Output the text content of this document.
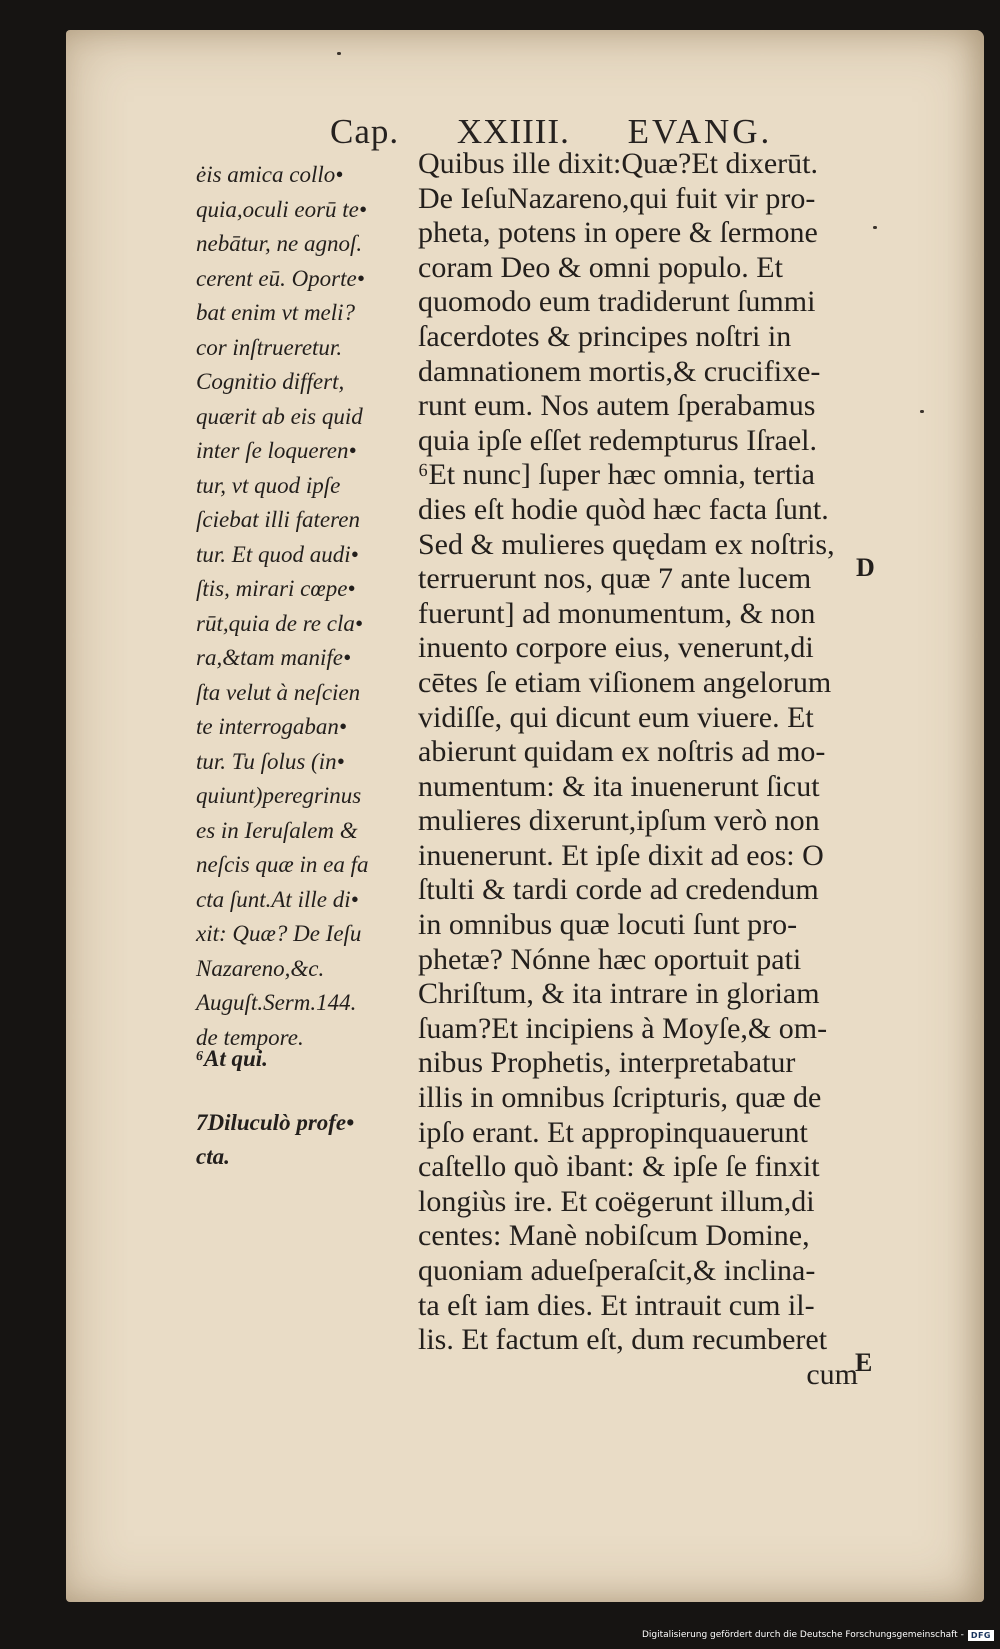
Cap. XXIIII. EVANG.
ėis amica collo•
quia,oculi eorū te•
nebātur, ne agnoſ.
cerent eū. Oporte•
bat enim vt meli?
cor inſtrueretur.
Cognitio differt,
quærit ab eis quid
inter ſe loqueren•
tur, vt quod ipſe
ſciebat illi fateren
tur. Et quod audi•
ſtis, mirari cœpe•
rūt,quia de re cla•
ra,&tam manife•
ſta velut à neſcien
te interrogaban•
tur. Tu ſolus (in•
quiunt)peregrinus
es in Ieruſalem &
neſcis quæ in ea fa
cta ſunt.At ille di•
xit: Quæ? De Ieſu
Nazareno,&c.
Auguſt.Serm.144.
de tempore.
⁶At qui.
7Diluculò profe•
cta.
Quibus ille dixit:Quæ?Et dixerūt.
De IeſuNazareno,qui fuit vir pro-
pheta, potens in opere & ſermone
coram Deo & omni populo. Et
quomodo eum tradiderunt ſummi
ſacerdotes & principes noſtri in
damnationem mortis,& crucifixe-
runt eum. Nos autem ſperabamus
quia ipſe eſſet redempturus Iſrael.
⁶Et nunc] ſuper hæc omnia, tertia
dies eſt hodie quòd hæc facta ſunt.
Sed & mulieres quędam ex noſtris,
terruerunt nos, quæ 7 ante lucem
fuerunt] ad monumentum, & non
inuento corpore eius, venerunt,di
cētes ſe etiam viſionem angelorum
vidiſſe, qui dicunt eum viuere. Et
abierunt quidam ex noſtris ad mo-
numentum: & ita inuenerunt ſicut
mulieres dixerunt,ipſum verò non
inuenerunt. Et ipſe dixit ad eos: O
ſtulti & tardi corde ad credendum
in omnibus quæ locuti ſunt pro-
phetæ? Nónne hæc oportuit pati
Chriſtum, & ita intrare in gloriam
ſuam?Et incipiens à Moyſe,& om-
nibus Prophetis, interpretabatur
illis in omnibus ſcripturis, quæ de
ipſo erant. Et appropinquauerunt
caſtello quò ibant: & ipſe ſe finxit
longiùs ire. Et coëgerunt illum,di
centes: Manè nobiſcum Domine,
quoniam adueſperaſcit,& inclina-
ta eſt iam dies. Et intrauit cum il-
lis. Et factum eſt, dum recumberet
cum
D
E
Digitalisierung gefördert durch die Deutsche Forschungsgemeinschaft - DFG
